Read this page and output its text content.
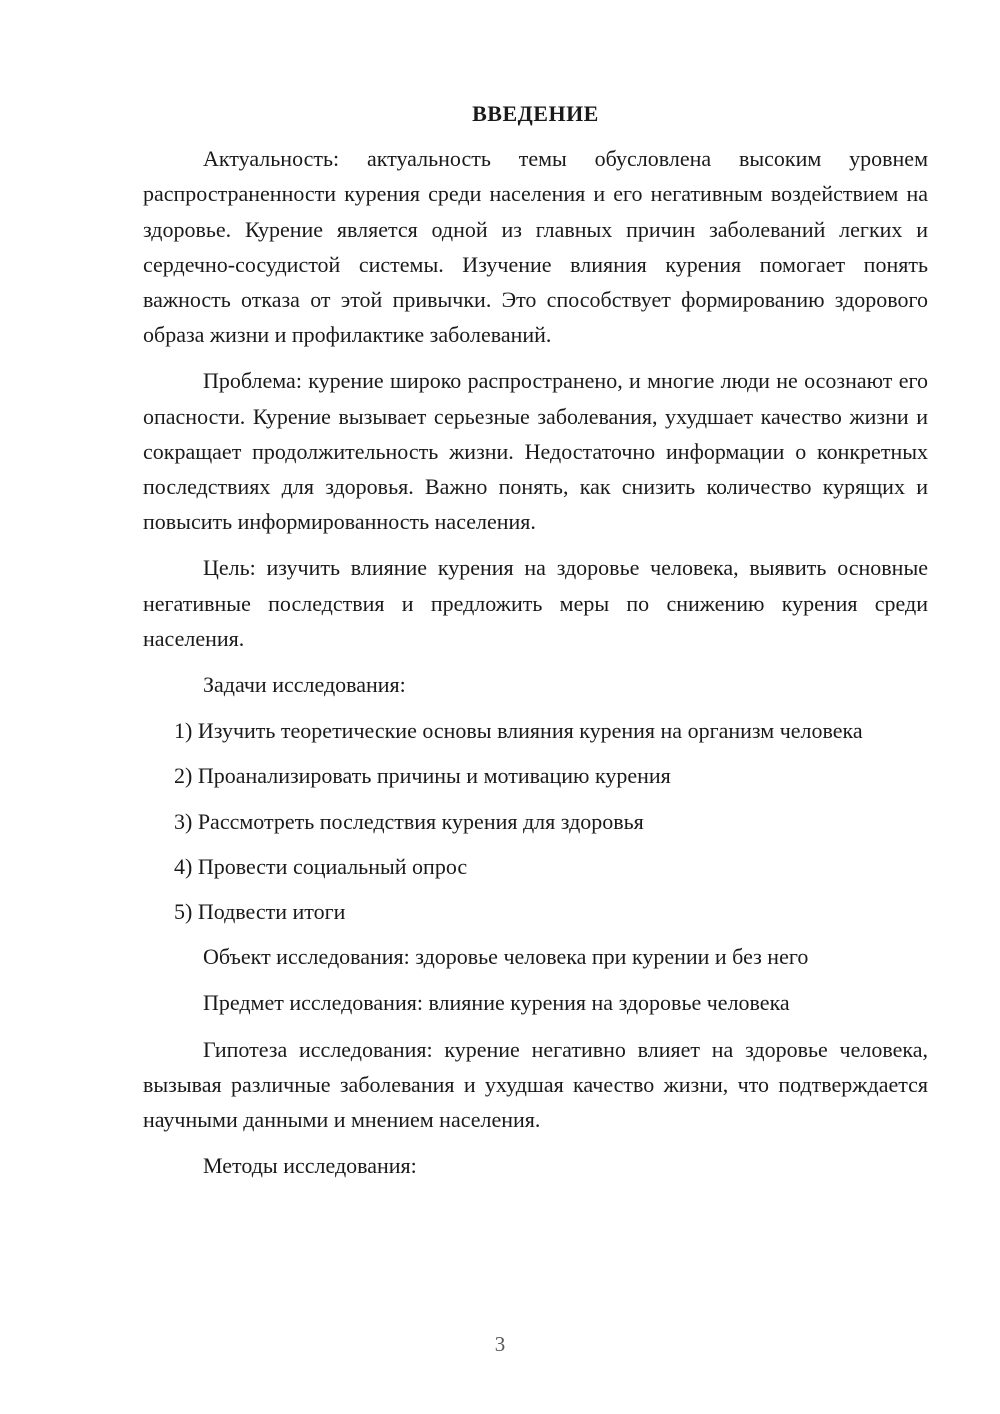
ВВЕДЕНИЕ

Актуальность: актуальность темы обусловлена высоким уровнем распространенности курения среди населения и его негативным воздействием на здоровье. Курение является одной из главных причин заболеваний легких и сердечно-сосудистой системы. Изучение влияния курения помогает понять важность отказа от этой привычки. Это способствует формированию здорового образа жизни и профилактике заболеваний.

Проблема: курение широко распространено, и многие люди не осознают его опасности. Курение вызывает серьезные заболевания, ухудшает качество жизни и сокращает продолжительность жизни. Недостаточно информации о конкретных последствиях для здоровья. Важно понять, как снизить количество курящих и повысить информированность населения.

Цель: изучить влияние курения на здоровье человека, выявить основные негативные последствия и предложить меры по снижению курения среди населения.

Задачи исследования:

1) Изучить теоретические основы влияния курения на организм человека

2) Проанализировать причины и мотивацию курения

3) Рассмотреть последствия курения для здоровья

4) Провести социальный опрос

5) Подвести итоги

Объект исследования: здоровье человека при курении и без него

Предмет исследования: влияние курения на здоровье человека

Гипотеза исследования: курение негативно влияет на здоровье человека, вызывая различные заболевания и ухудшая качество жизни, что подтверждается научными данными и мнением населения.

Методы исследования:

3
